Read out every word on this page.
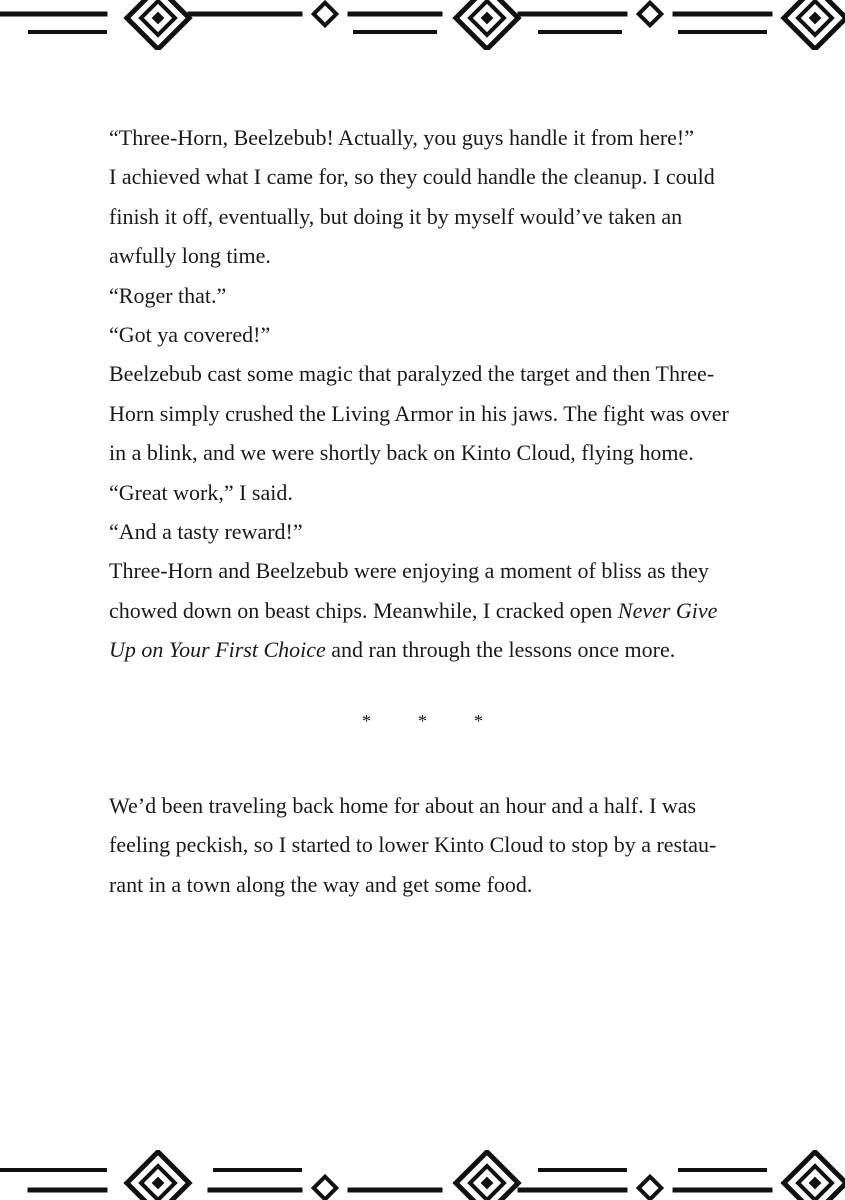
“Three-Horn, Beelzebub! Actually, you guys handle it from here!”

I achieved what I came for, so they could handle the cleanup. I could

finish it off, eventually, but doing it by myself would’ve taken an

awfully long time.

“Roger that.”

“Got ya covered!”

Beelzebub cast some magic that paralyzed the target and then Three-

Horn simply crushed the Living Armor in his jaws. The fight was over

in a blink, and we were shortly back on Kinto Cloud, flying home.

“Great work,” I said.

“And a tasty reward!”

Three-Horn and Beelzebub were enjoying a moment of bliss as they

chowed down on beast chips. Meanwhile, I cracked open Never Give

Up on Your First Choice and ran through the lessons once more.

*	*	*

We’d been traveling back home for about an hour and a half. I was

feeling peckish, so I started to lower Kinto Cloud to stop by a restau-

rant in a town along the way and get some food.
